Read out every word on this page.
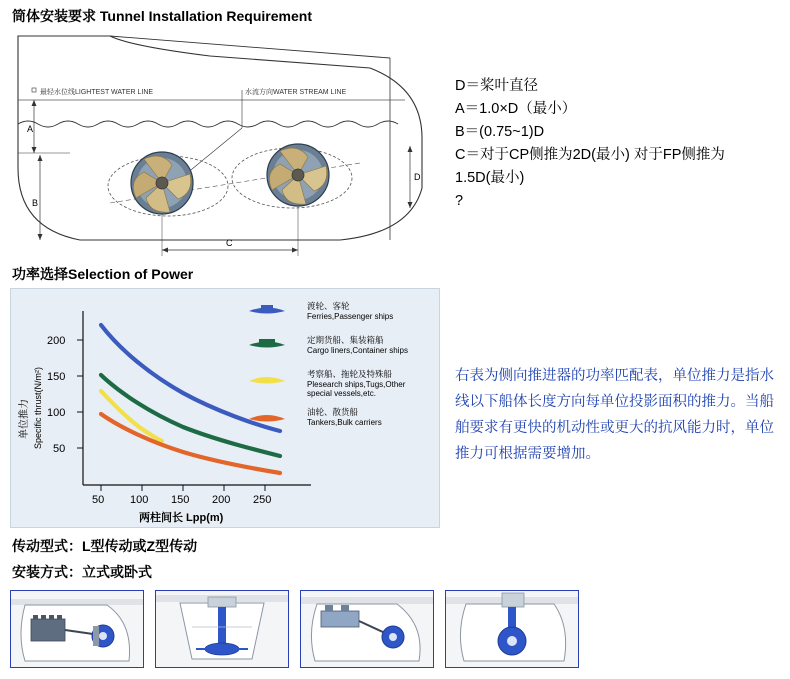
筒体安装要求 Tunnel Installation Requirement
最轻水位线LIGHTEST WATER LINE	水流方向WATER STREAM LINE
A
B
D
C
D＝桨叶直径
A＝1.0×D（最小）
B＝(0.75~1)D
C＝对于CP侧推为2D(最小) 对于FP侧推为1.5D(最小)
?
功率选择Selection of Power
200
150
100
50
50 100 150 200 250
单位推力 Specific thrust(N/m²)
两柱间长 Lpp(m)
渡轮、客轮
Ferries,Passenger ships
定期货船、集装箱船
Cargo liners,Container ships
考察船、拖轮及特殊船
Plesearch ships,Tugs,Other
special vessels,etc.
油轮、散货船
Tankers,Bulk carriers
右表为侧向推进器的功率匹配表，单位推力是指水线以下船体长度方向每单位投影面积的推力。当船舶要求有更快的机动性或更大的抗风能力时，单位推力可根据需要增加。
传动型式：L型传动或Z型传动
安装方式：立式或卧式
